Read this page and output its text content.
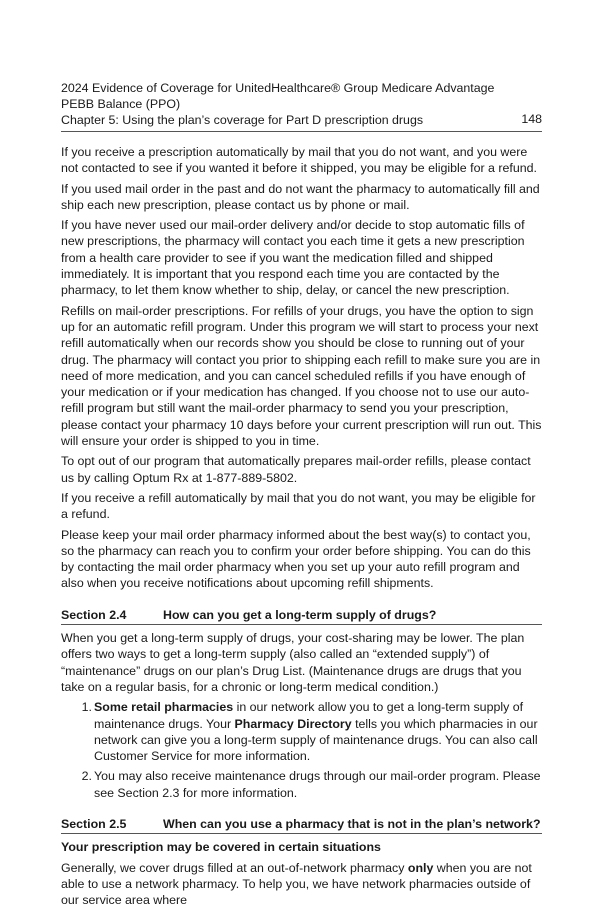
2024 Evidence of Coverage for UnitedHealthcare® Group Medicare Advantage PEBB Balance (PPO)
Chapter 5: Using the plan’s coverage for Part D prescription drugs	148

If you receive a prescription automatically by mail that you do not want, and you were not contacted to see if you wanted it before it shipped, you may be eligible for a refund.

If you used mail order in the past and do not want the pharmacy to automatically fill and ship each new prescription, please contact us by phone or mail.

If you have never used our mail-order delivery and/or decide to stop automatic fills of new prescriptions, the pharmacy will contact you each time it gets a new prescription from a health care provider to see if you want the medication filled and shipped immediately. It is important that you respond each time you are contacted by the pharmacy, to let them know whether to ship, delay, or cancel the new prescription.

Refills on mail-order prescriptions. For refills of your drugs, you have the option to sign up for an automatic refill program. Under this program we will start to process your next refill automatically when our records show you should be close to running out of your drug. The pharmacy will contact you prior to shipping each refill to make sure you are in need of more medication, and you can cancel scheduled refills if you have enough of your medication or if your medication has changed. If you choose not to use our auto-refill program but still want the mail-order pharmacy to send you your prescription, please contact your pharmacy 10 days before your current prescription will run out. This will ensure your order is shipped to you in time.

To opt out of our program that automatically prepares mail-order refills, please contact us by calling Optum Rx at 1-877-889-5802.

If you receive a refill automatically by mail that you do not want, you may be eligible for a refund.

Please keep your mail order pharmacy informed about the best way(s) to contact you, so the pharmacy can reach you to confirm your order before shipping. You can do this by contacting the mail order pharmacy when you set up your auto refill program and also when you receive notifications about upcoming refill shipments.

Section 2.4	How can you get a long-term supply of drugs?

When you get a long-term supply of drugs, your cost-sharing may be lower. The plan offers two ways to get a long-term supply (also called an “extended supply”) of “maintenance” drugs on our plan’s Drug List. (Maintenance drugs are drugs that you take on a regular basis, for a chronic or long-term medical condition.)

1. Some retail pharmacies in our network allow you to get a long-term supply of maintenance drugs. Your Pharmacy Directory tells you which pharmacies in our network can give you a long-term supply of maintenance drugs. You can also call Customer Service for more information.
2. You may also receive maintenance drugs through our mail-order program. Please see Section 2.3 for more information.
Section 2.5	When can you use a pharmacy that is not in the plan’s network?
Your prescription may be covered in certain situations

Generally, we cover drugs filled at an out-of-network pharmacy only when you are not able to use a network pharmacy. To help you, we have network pharmacies outside of our service area where
